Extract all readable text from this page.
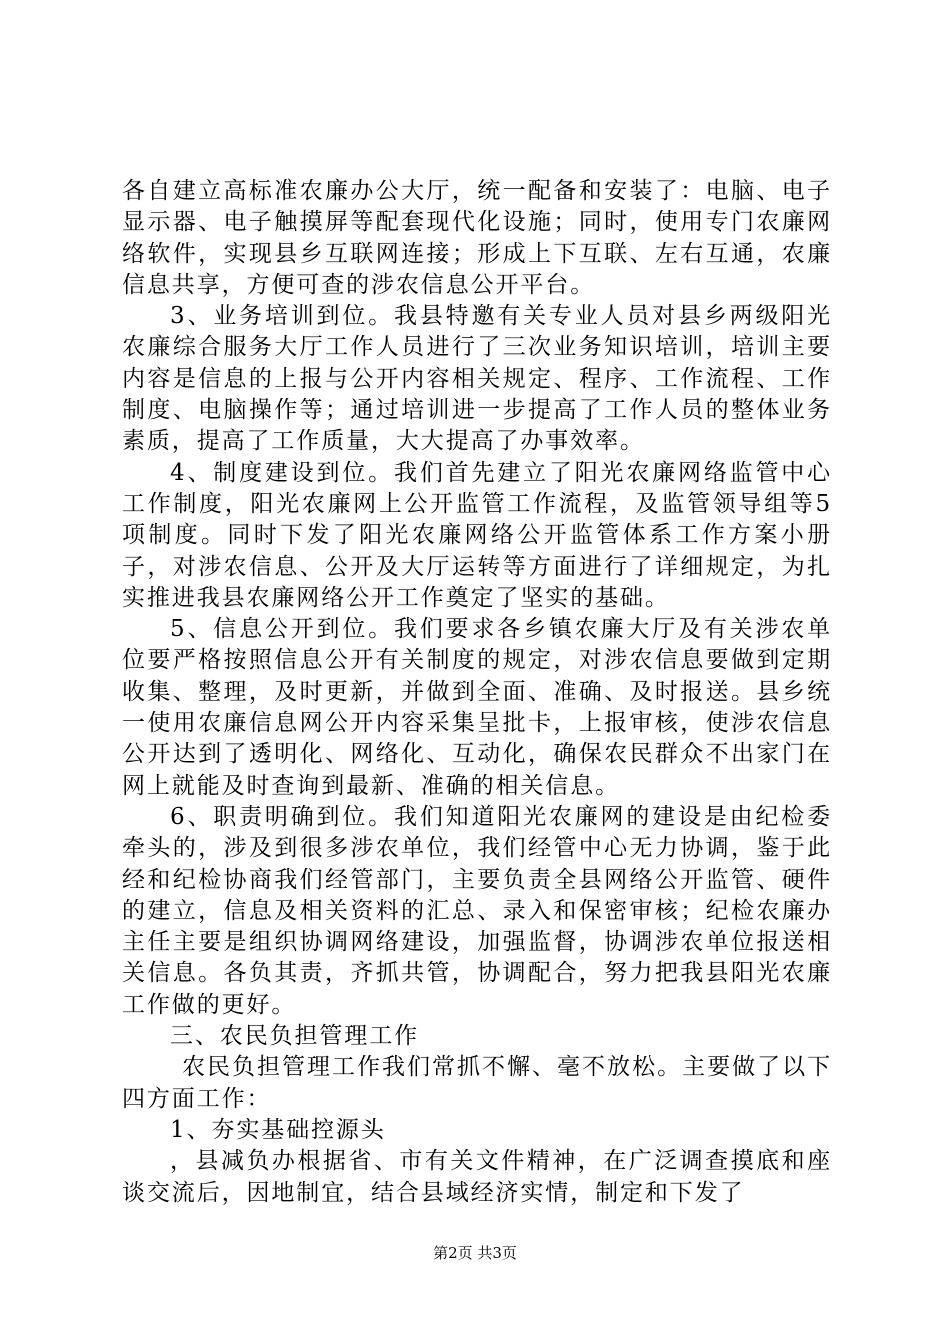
各自建立高标准农廉办公大厅，统一配备和安装了：电脑、电子显示器、电子触摸屏等配套现代化设施；同时，使用专门农廉网络软件，实现县乡互联网连接；形成上下互联、左右互通，农廉信息共享，方便可查的涉农信息公开平台。

3、业务培训到位。我县特邀有关专业人员对县乡两级阳光农廉综合服务大厅工作人员进行了三次业务知识培训，培训主要内容是信息的上报与公开内容相关规定、程序、工作流程、工作制度、电脑操作等；通过培训进一步提高了工作人员的整体业务素质，提高了工作质量，大大提高了办事效率。

4、制度建设到位。我们首先建立了阳光农廉网络监管中心工作制度，阳光农廉网上公开监管工作流程，及监管领导组等5项制度。同时下发了阳光农廉网络公开监管体系工作方案小册子，对涉农信息、公开及大厅运转等方面进行了详细规定，为扎实推进我县农廉网络公开工作奠定了坚实的基础。

5、信息公开到位。我们要求各乡镇农廉大厅及有关涉农单位要严格按照信息公开有关制度的规定，对涉农信息要做到定期收集、整理，及时更新，并做到全面、准确、及时报送。县乡统一使用农廉信息网公开内容采集呈批卡，上报审核，使涉农信息公开达到了透明化、网络化、互动化，确保农民群众不出家门在网上就能及时查询到最新、准确的相关信息。

6、职责明确到位。我们知道阳光农廉网的建设是由纪检委牵头的，涉及到很多涉农单位，我们经管中心无力协调，鉴于此经和纪检协商我们经管部门，主要负责全县网络公开监管、硬件的建立，信息及相关资料的汇总、录入和保密审核；纪检农廉办主任主要是组织协调网络建设，加强监督，协调涉农单位报送相关信息。各负其责，齐抓共管，协调配合，努力把我县阳光农廉工作做的更好。

三、农民负担管理工作

农民负担管理工作我们常抓不懈、毫不放松。主要做了以下四方面工作：

1、夯实基础控源头

，县减负办根据省、市有关文件精神，在广泛调查摸底和座谈交流后，因地制宜，结合县域经济实情，制定和下发了

第2页 共3页
